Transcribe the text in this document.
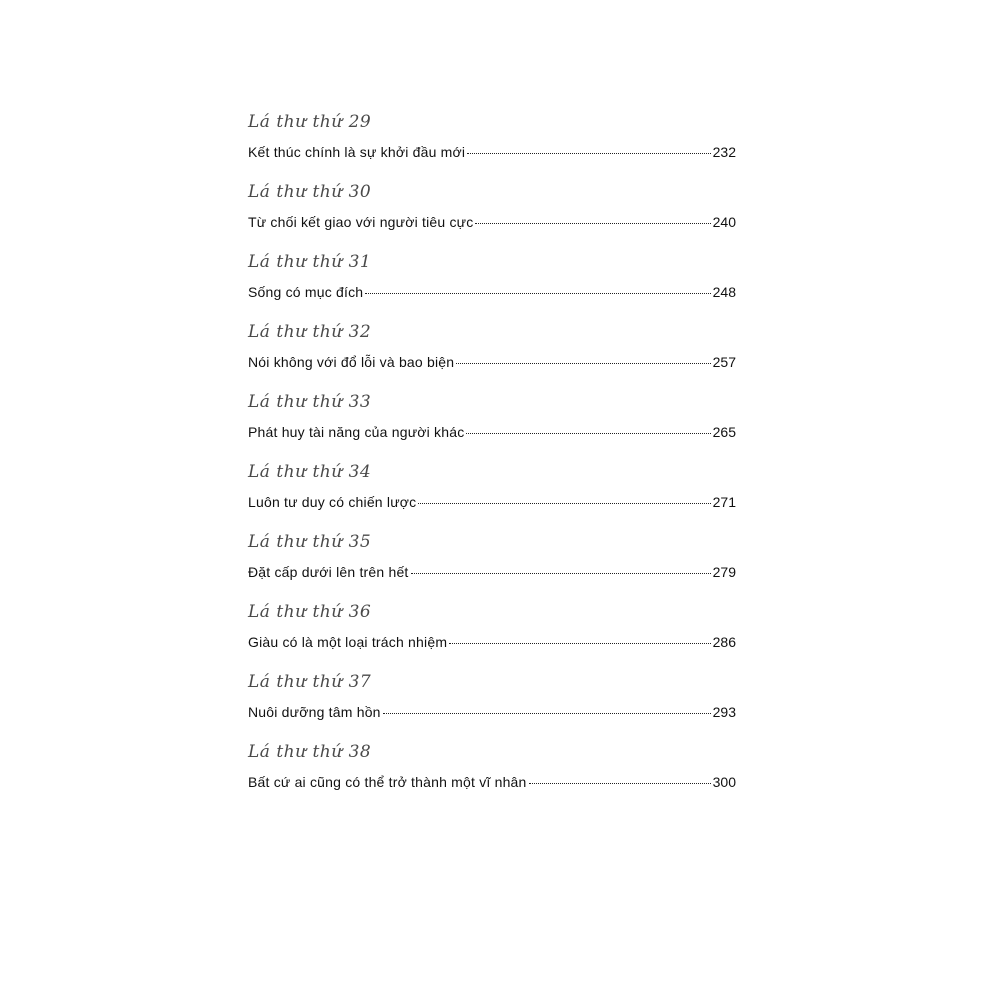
Lá thư thứ 29
Kết thúc chính là sự khởi đầu mới	232
Lá thư thứ 30
Từ chối kết giao với người tiêu cực	240
Lá thư thứ 31
Sống có mục đích	248
Lá thư thứ 32
Nói không với đổ lỗi và bao biện	257
Lá thư thứ 33
Phát huy tài năng của người khác	265
Lá thư thứ 34
Luôn tư duy có chiến lược	271
Lá thư thứ 35
Đặt cấp dưới lên trên hết	279
Lá thư thứ 36
Giàu có là một loại trách nhiệm	286
Lá thư thứ 37
Nuôi dưỡng tâm hồn	293
Lá thư thứ 38
Bất cứ ai cũng có thể trở thành một vĩ nhân	300
